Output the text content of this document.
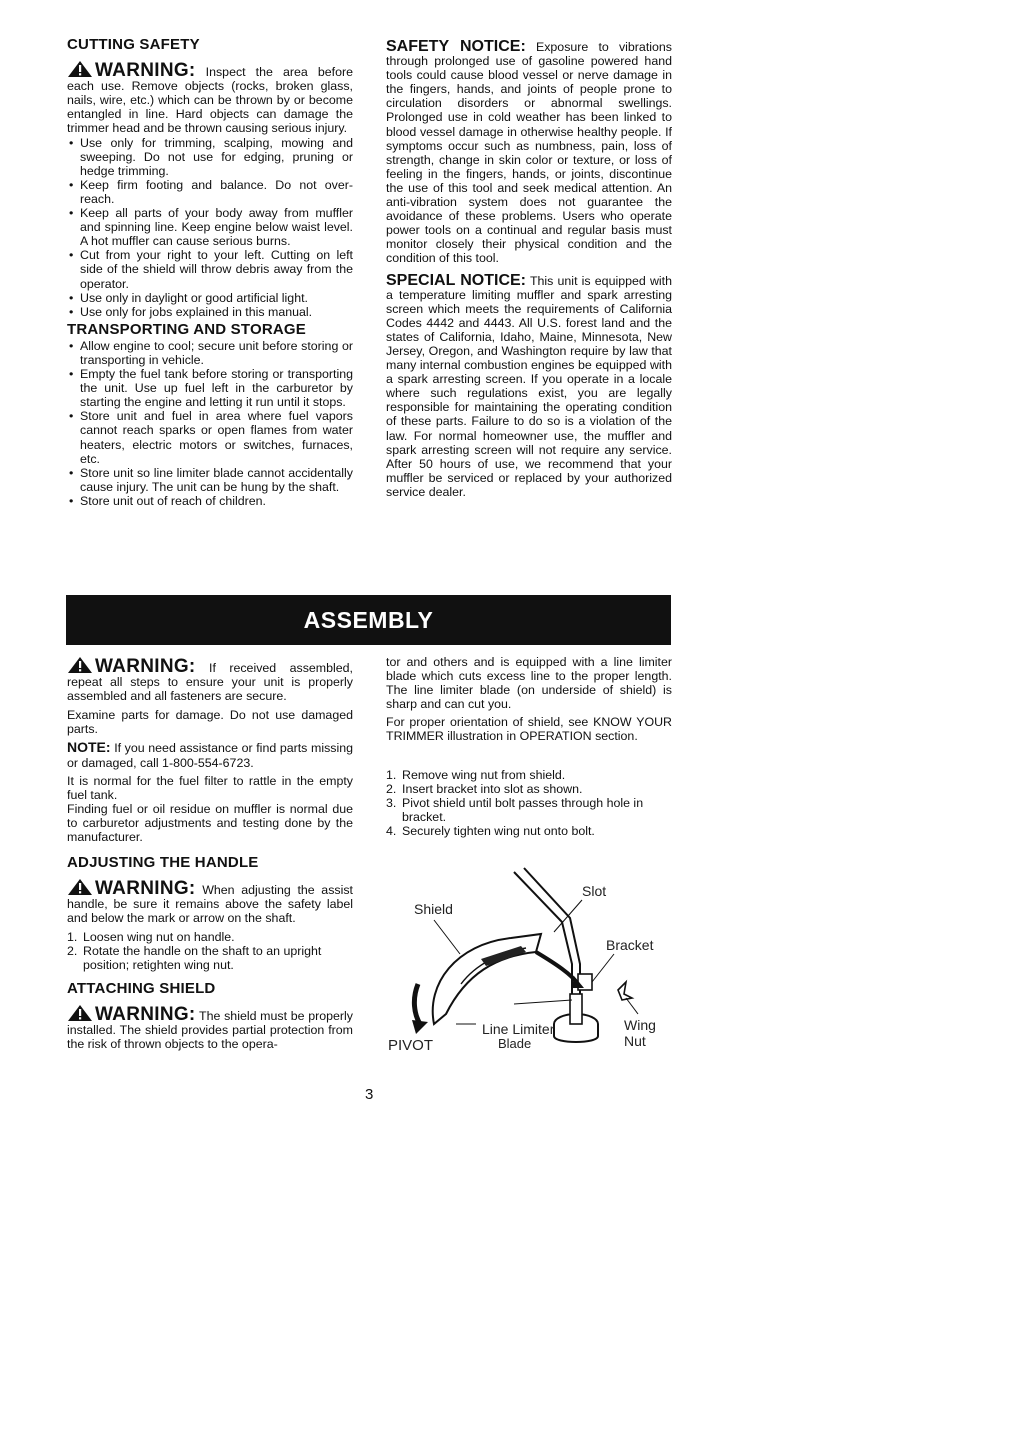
CUTTING SAFETY

WARNING: Inspect the area before each use. Remove objects (rocks, broken glass, nails, wire, etc.) which can be thrown by or become entangled in line. Hard objects can damage the trimmer head and be thrown causing serious injury.

• Use only for trimming, scalping, mowing and sweeping. Do not use for edging, pruning or hedge trimming.
• Keep firm footing and balance. Do not over-reach.
• Keep all parts of your body away from muffler and spinning line. Keep engine below waist level. A hot muffler can cause serious burns.
• Cut from your right to your left. Cutting on left side of the shield will throw debris away from the operator.
• Use only in daylight or good artificial light.
• Use only for jobs explained in this manual.
TRANSPORTING AND STORAGE
• Allow engine to cool; secure unit before storing or transporting in vehicle.
• Empty the fuel tank before storing or transporting the unit. Use up fuel left in the carburetor by starting the engine and letting it run until it stops.
• Store unit and fuel in area where fuel vapors cannot reach sparks or open flames from water heaters, electric motors or switches, furnaces, etc.
• Store unit so line limiter blade cannot accidentally cause injury. The unit can be hung by the shaft.
• Store unit out of reach of children.

SAFETY NOTICE: Exposure to vibrations through prolonged use of gasoline powered hand tools could cause blood vessel or nerve damage in the fingers, hands, and joints of people prone to circulation disorders or abnormal swellings. Prolonged use in cold weather has been linked to blood vessel damage in otherwise healthy people. If symptoms occur such as numbness, pain, loss of strength, change in skin color or texture, or loss of feeling in the fingers, hands, or joints, discontinue the use of this tool and seek medical attention. An anti-vibration system does not guarantee the avoidance of these problems. Users who operate power tools on a continual and regular basis must monitor closely their physical condition and the condition of this tool.

SPECIAL NOTICE: This unit is equipped with a temperature limiting muffler and spark arresting screen which meets the requirements of California Codes 4442 and 4443. All U.S. forest land and the states of California, Idaho, Maine, Minnesota, New Jersey, Oregon, and Washington require by law that many internal combustion engines be equipped with a spark arresting screen. If you operate in a locale where such regulations exist, you are legally responsible for maintaining the operating condition of these parts. Failure to do so is a violation of the law. For normal homeowner use, the muffler and spark arresting screen will not require any service. After 50 hours of use, we recommend that your muffler be serviced or replaced by your authorized service dealer.

ASSEMBLY

WARNING: If received assembled, repeat all steps to ensure your unit is properly assembled and all fasteners are secure.

Examine parts for damage. Do not use damaged parts.

NOTE: If you need assistance or find parts missing or damaged, call 1-800-554-6723.

It is normal for the fuel filter to rattle in the empty fuel tank.

Finding fuel or oil residue on muffler is normal due to carburetor adjustments and testing done by the manufacturer.

ADJUSTING THE HANDLE

WARNING: When adjusting the assist handle, be sure it remains above the safety label and below the mark or arrow on the shaft.

1. Loosen wing nut on handle.
2. Rotate the handle on the shaft to an upright position; retighten wing nut.
ATTACHING SHIELD

WARNING: The shield must be properly installed. The shield provides partial protection from the risk of thrown objects to the opera-

tor and others and is equipped with a line limiter blade which cuts excess line to the proper length. The line limiter blade (on underside of shield) is sharp and can cut you.

For proper orientation of shield, see KNOW YOUR TRIMMER illustration in OPERATION section.

1. Remove wing nut from shield.
2. Insert bracket into slot as shown.
3. Pivot shield until bolt passes through hole in bracket.
4. Securely tighten wing nut onto bolt.
Slot
Shield
Bracket
Line Limiter
Blade
PIVOT
Wing
Nut
3
